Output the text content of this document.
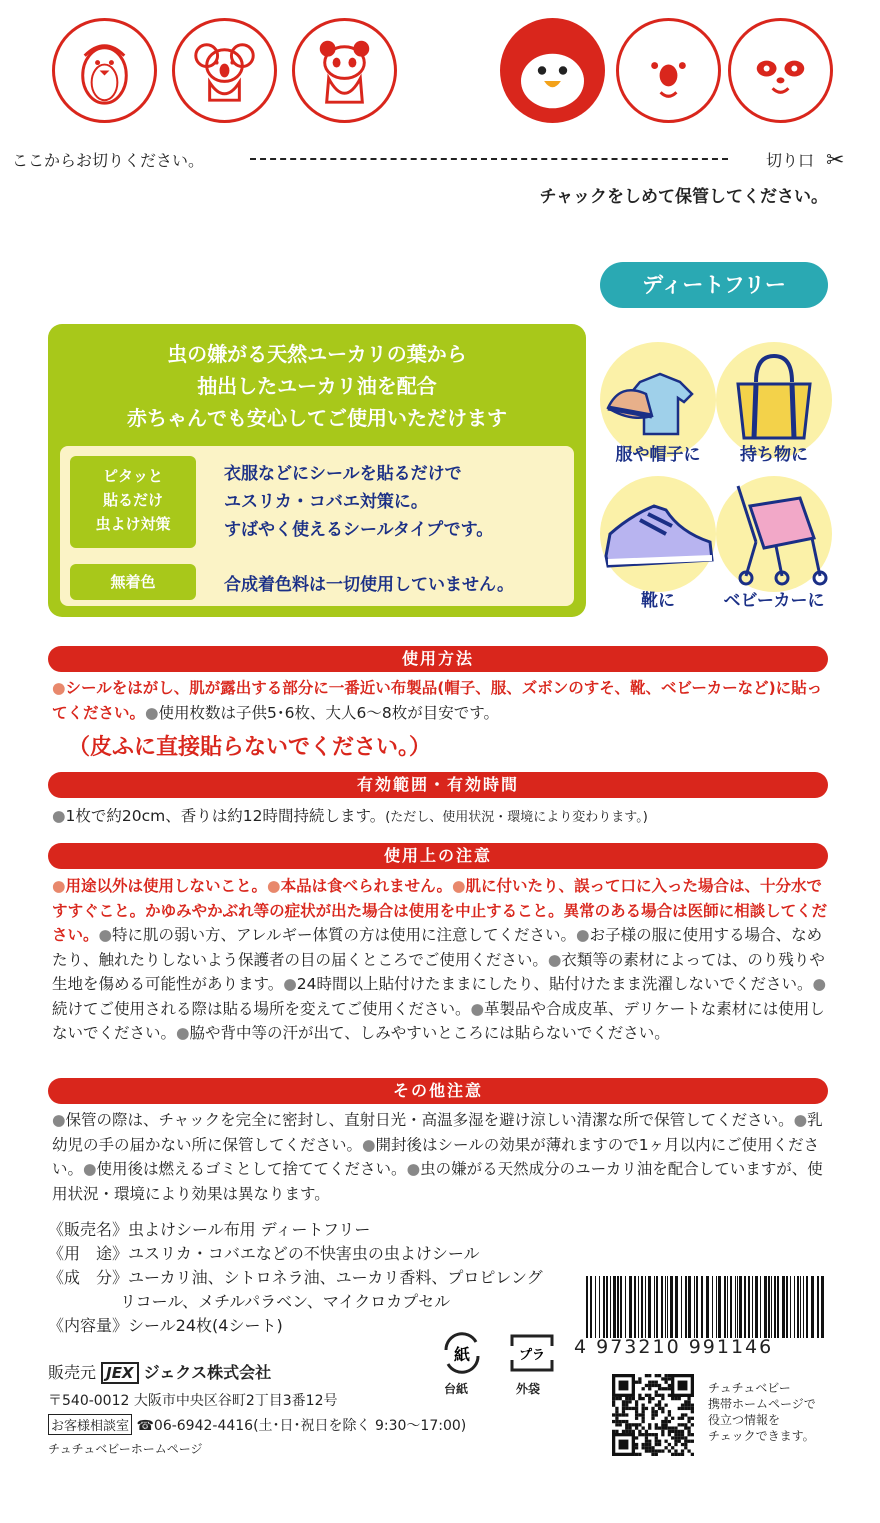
ここからお切りください。	切り口 ✂
チャックをしめて保管してください。
ディートフリー
虫の嫌がる天然ユーカリの葉から
抽出したユーカリ油を配合
赤ちゃんでも安心してご使用いただけます
ピタッと
貼るだけ
虫よけ対策
衣服などにシールを貼るだけで
ユスリカ・コバエ対策に。
すばやく使えるシールタイプです。
無着色	合成着色料は一切使用していません。
服や帽子に	持ち物に
靴に	ベビーカーに
使用方法
●シールをはがし、肌が露出する部分に一番近い布製品(帽子、服、ズボンのすそ、靴、ベビーカーなど)に貼ってください。●使用枚数は子供5･6枚、大人6～8枚が目安です。
（皮ふに直接貼らないでください。）
有効範囲・有効時間
●1枚で約20cm、香りは約12時間持続します。(ただし、使用状況・環境により変わります。)
使用上の注意
●用途以外は使用しないこと。●本品は食べられません。●肌に付いたり、誤って口に入った場合は、十分水ですすぐこと。かゆみやかぶれ等の症状が出た場合は使用を中止すること。異常のある場合は医師に相談してください。●特に肌の弱い方、アレルギー体質の方は使用に注意してください。●お子様の服に使用する場合、なめたり、触れたりしないよう保護者の目の届くところでご使用ください。●衣類等の素材によっては、のり残りや生地を傷める可能性があります。●24時間以上貼付けたままにしたり、貼付けたまま洗濯しないでください。●続けてご使用される際は貼る場所を変えてご使用ください。●革製品や合成皮革、デリケートな素材には使用しないでください。●脇や背中等の汗が出て、しみやすいところには貼らないでください。
その他注意
●保管の際は、チャックを完全に密封し、直射日光・高温多湿を避け涼しい清潔な所で保管してください。●乳幼児の手の届かない所に保管してください。●開封後はシールの効果が薄れますので1ヶ月以内にご使用ください。●使用後は燃えるゴミとして捨ててください。●虫の嫌がる天然成分のユーカリ油を配合していますが、使用状況・環境により効果は異なります。
《販売名》虫よけシール布用 ディートフリー
《用　途》ユスリカ・コバエなどの不快害虫の虫よけシール
《成　分》ユーカリ油、シトロネラ油、ユーカリ香料、プロピレング
リコール、メチルパラベン、マイクロカプセル
《内容量》シール24枚(4シート)
販売元 JEX ジェクス株式会社
〒540-0012 大阪市中央区谷町2丁目3番12号
お客様相談室 ☎06-6942-4416(土･日･祝日を除く 9:30～17:00)
チュチュベビーホームページ
紙
台紙
プラ
外袋
4 973210 991146
チュチュベビー
携帯ホームページで
役立つ情報を
チェックできます。
